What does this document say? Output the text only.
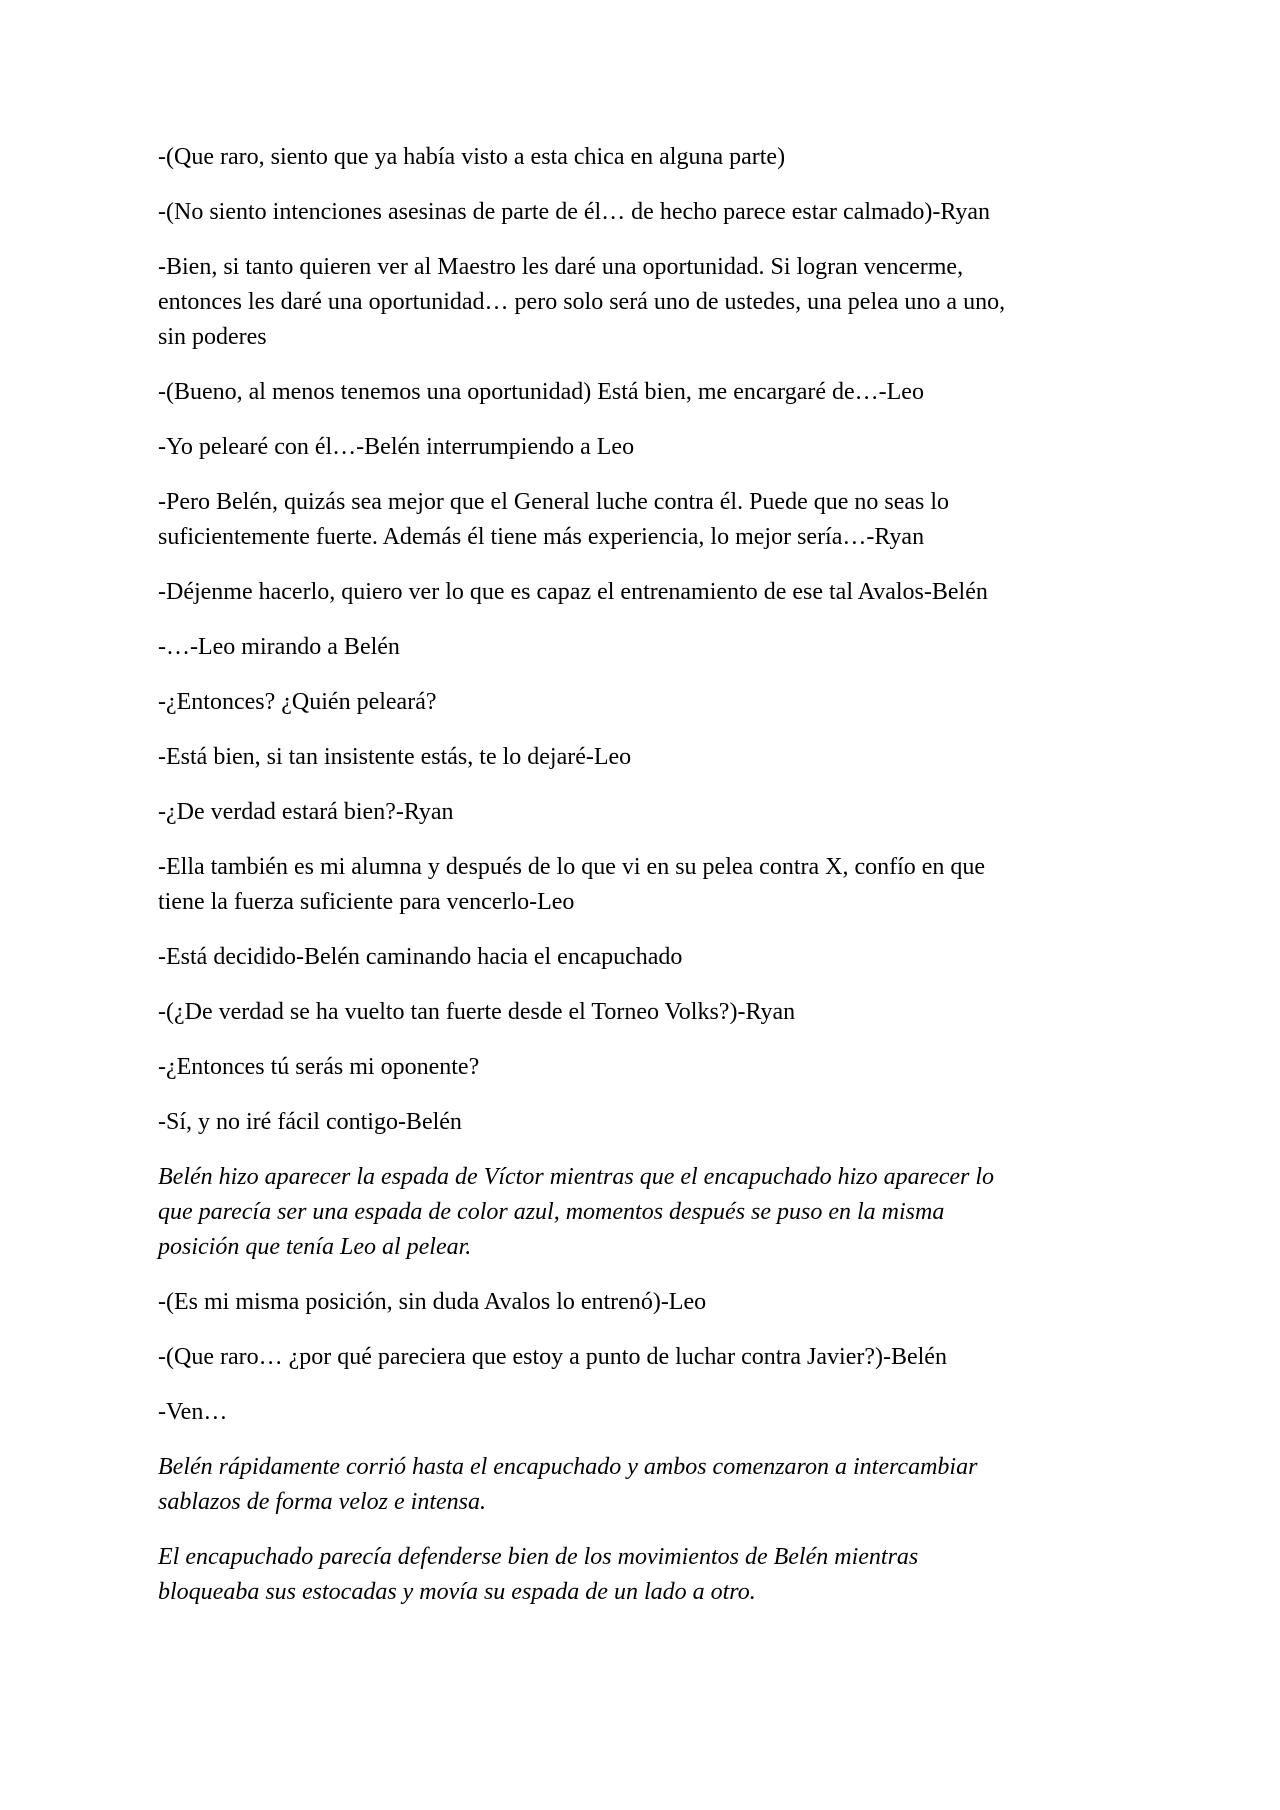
-(Que raro, siento que ya había visto a esta chica en alguna parte)

-(No siento intenciones asesinas de parte de él… de hecho parece estar calmado)-Ryan

-Bien, si tanto quieren ver al Maestro les daré una oportunidad. Si logran vencerme,
entonces les daré una oportunidad… pero solo será uno de ustedes, una pelea uno a uno,
sin poderes

-(Bueno, al menos tenemos una oportunidad) Está bien, me encargaré de…-Leo

-Yo pelearé con él…-Belén interrumpiendo a Leo

-Pero Belén, quizás sea mejor que el General luche contra él. Puede que no seas lo
suficientemente fuerte. Además él tiene más experiencia, lo mejor sería…-Ryan

-Déjenme hacerlo, quiero ver lo que es capaz el entrenamiento de ese tal Avalos-Belén

-…-Leo mirando a Belén

-¿Entonces? ¿Quién peleará?

-Está bien, si tan insistente estás, te lo dejaré-Leo

-¿De verdad estará bien?-Ryan

-Ella también es mi alumna y después de lo que vi en su pelea contra X, confío en que
tiene la fuerza suficiente para vencerlo-Leo

-Está decidido-Belén caminando hacia el encapuchado

-(¿De verdad se ha vuelto tan fuerte desde el Torneo Volks?)-Ryan

-¿Entonces tú serás mi oponente?

-Sí, y no iré fácil contigo-Belén

Belén hizo aparecer la espada de Víctor mientras que el encapuchado hizo aparecer lo
que parecía ser una espada de color azul, momentos después se puso en la misma
posición que tenía Leo al pelear.

-(Es mi misma posición, sin duda Avalos lo entrenó)-Leo

-(Que raro… ¿por qué pareciera que estoy a punto de luchar contra Javier?)-Belén

-Ven…

Belén rápidamente corrió hasta el encapuchado y ambos comenzaron a intercambiar
sablazos de forma veloz e intensa.

El encapuchado parecía defenderse bien de los movimientos de Belén mientras
bloqueaba sus estocadas y movía su espada de un lado a otro.
